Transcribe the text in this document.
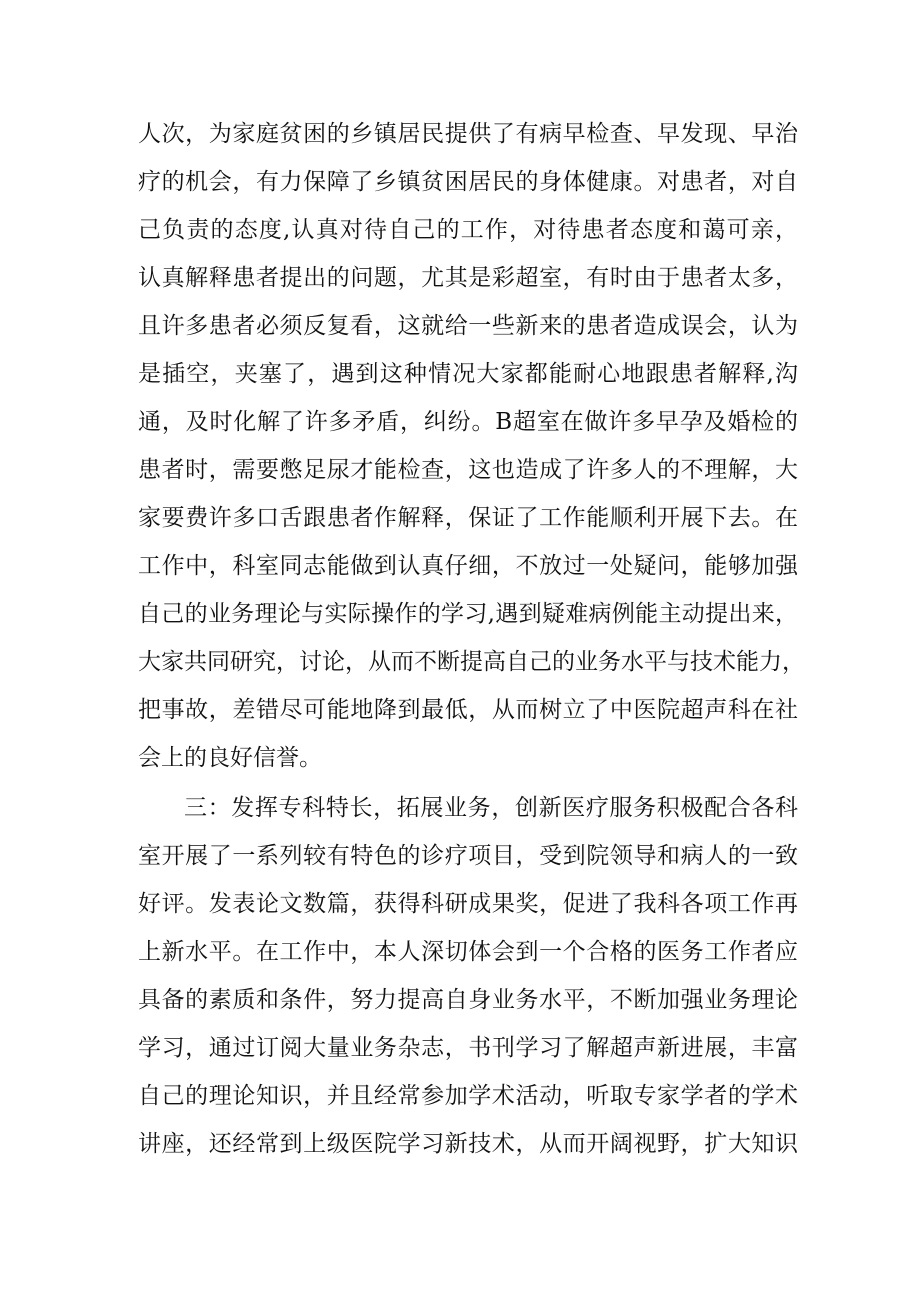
人次，为家庭贫困的乡镇居民提供了有病早检查、早发现、早治
疗的机会，有力保障了乡镇贫困居民的身体健康。对患者，对自
己负责的态度,认真对待自己的工作，对待患者态度和蔼可亲，
认真解释患者提出的问题，尤其是彩超室，有时由于患者太多，
且许多患者必须反复看，这就给一些新来的患者造成误会，认为
是插空，夹塞了，遇到这种情况大家都能耐心地跟患者解释,沟
通，及时化解了许多矛盾，纠纷。B超室在做许多早孕及婚检的
患者时，需要憋足尿才能检查，这也造成了许多人的不理解，大
家要费许多口舌跟患者作解释，保证了工作能顺利开展下去。在
工作中，科室同志能做到认真仔细，不放过一处疑问，能够加强
自己的业务理论与实际操作的学习,遇到疑难病例能主动提出来，
大家共同研究，讨论，从而不断提高自己的业务水平与技术能力，
把事故，差错尽可能地降到最低，从而树立了中医院超声科在社
会上的良好信誉。
三：发挥专科特长，拓展业务，创新医疗服务积极配合各科
室开展了一系列较有特色的诊疗项目，受到院领导和病人的一致
好评。发表论文数篇，获得科研成果奖，促进了我科各项工作再
上新水平。在工作中，本人深切体会到一个合格的医务工作者应
具备的素质和条件，努力提高自身业务水平，不断加强业务理论
学习，通过订阅大量业务杂志，书刊学习了解超声新进展，丰富
自己的理论知识，并且经常参加学术活动，听取专家学者的学术
讲座，还经常到上级医院学习新技术，从而开阔视野，扩大知识
